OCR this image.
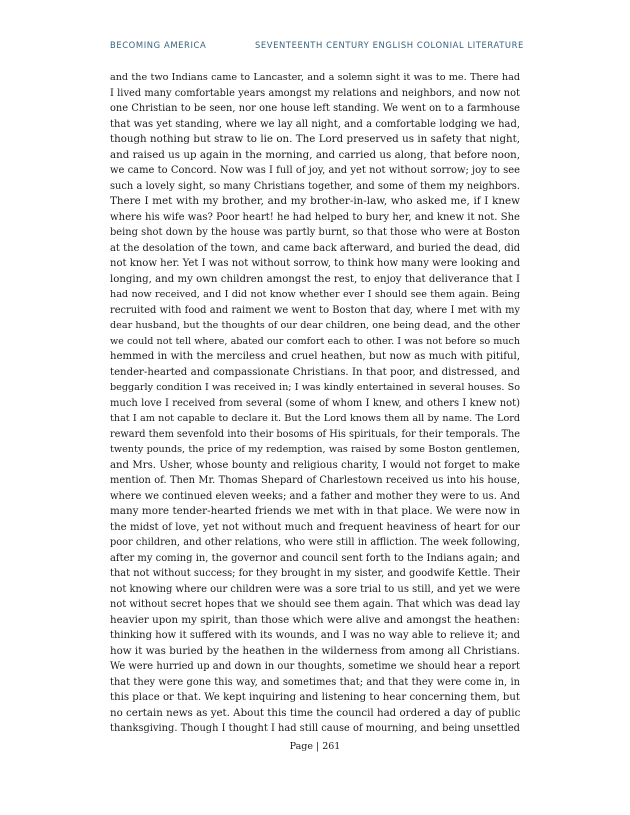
BECOMING AMERICA	SEVENTEENTH CENTURY ENGLISH COLONIAL LITERATURE
and the two Indians came to Lancaster, and a solemn sight it was to me. There had
I lived many comfortable years amongst my relations and neighbors, and now not
one Christian to be seen, nor one house left standing. We went on to a farmhouse
that was yet standing, where we lay all night, and a comfortable lodging we had,
though nothing but straw to lie on. The Lord preserved us in safety that night,
and raised us up again in the morning, and carried us along, that before noon,
we came to Concord. Now was I full of joy, and yet not without sorrow; joy to see
such a lovely sight, so many Christians together, and some of them my neighbors.
There I met with my brother, and my brother-in-law, who asked me, if I knew
where his wife was? Poor heart! he had helped to bury her, and knew it not. She
being shot down by the house was partly burnt, so that those who were at Boston
at the desolation of the town, and came back afterward, and buried the dead, did
not know her. Yet I was not without sorrow, to think how many were looking and
longing, and my own children amongst the rest, to enjoy that deliverance that I
had now received, and I did not know whether ever I should see them again. Being
recruited with food and raiment we went to Boston that day, where I met with my
dear husband, but the thoughts of our dear children, one being dead, and the other
we could not tell where, abated our comfort each to other. I was not before so much
hemmed in with the merciless and cruel heathen, but now as much with pitiful,
tender-hearted and compassionate Christians. In that poor, and distressed, and
beggarly condition I was received in; I was kindly entertained in several houses. So
much love I received from several (some of whom I knew, and others I knew not)
that I am not capable to declare it. But the Lord knows them all by name. The Lord
reward them sevenfold into their bosoms of His spirituals, for their temporals. The
twenty pounds, the price of my redemption, was raised by some Boston gentlemen,
and Mrs. Usher, whose bounty and religious charity, I would not forget to make
mention of. Then Mr. Thomas Shepard of Charlestown received us into his house,
where we continued eleven weeks; and a father and mother they were to us. And
many more tender-hearted friends we met with in that place. We were now in
the midst of love, yet not without much and frequent heaviness of heart for our
poor children, and other relations, who were still in affliction. The week following,
after my coming in, the governor and council sent forth to the Indians again; and
that not without success; for they brought in my sister, and goodwife Kettle. Their
not knowing where our children were was a sore trial to us still, and yet we were
not without secret hopes that we should see them again. That which was dead lay
heavier upon my spirit, than those which were alive and amongst the heathen:
thinking how it suffered with its wounds, and I was no way able to relieve it; and
how it was buried by the heathen in the wilderness from among all Christians.
We were hurried up and down in our thoughts, sometime we should hear a report
that they were gone this way, and sometimes that; and that they were come in, in
this place or that. We kept inquiring and listening to hear concerning them, but
no certain news as yet. About this time the council had ordered a day of public
thanksgiving. Though I thought I had still cause of mourning, and being unsettled
Page | 261
